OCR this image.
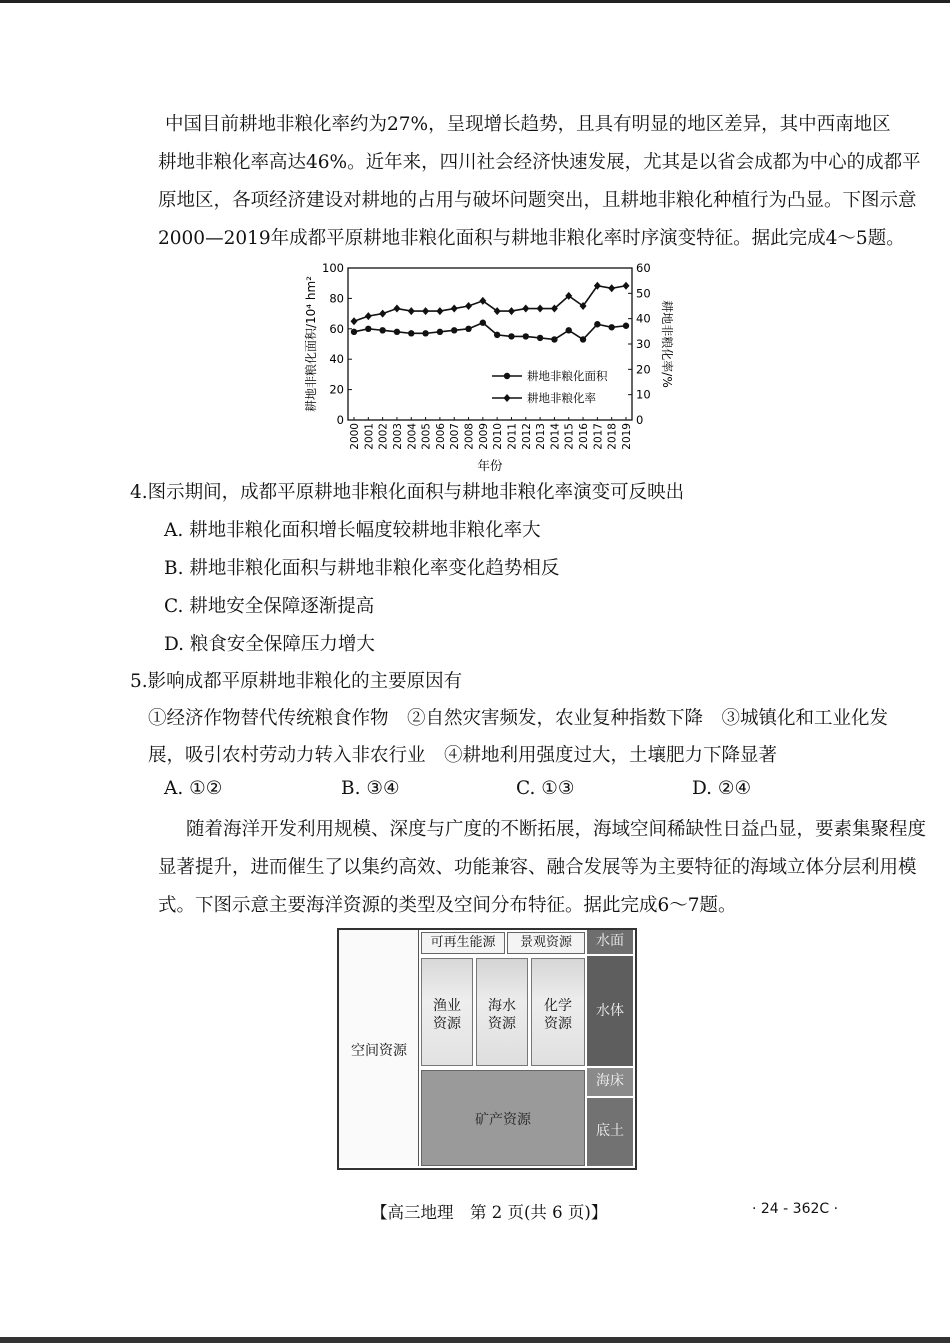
中国目前耕地非粮化率约为27%，呈现增长趋势，且具有明显的地区差异，其中西南地区
耕地非粮化率高达46%。近年来，四川社会经济快速发展，尤其是以省会成都为中心的成都平
原地区，各项经济建设对耕地的占用与破坏问题突出，且耕地非粮化种植行为凸显。下图示意
2000—2019年成都平原耕地非粮化面积与耕地非粮化率时序演变特征。据此完成4～5题。
0
20
40
60
80
100
0
10
20
30
40
50
60
2000 2001 2002 2003 2004 2005 2006 2007 2008 2009 2010 2011 2012 2013 2014 2015 2016 2017 2018 2019
耕地非粮化面积/10⁴ hm²	耕地非粮化率/%
年份
耕地非粮化面积
耕地非粮化率
4.图示期间，成都平原耕地非粮化面积与耕地非粮化率演变可反映出
A. 耕地非粮化面积增长幅度较耕地非粮化率大
B. 耕地非粮化面积与耕地非粮化率变化趋势相反
C. 耕地安全保障逐渐提高
D. 粮食安全保障压力增大
5.影响成都平原耕地非粮化的主要原因有
①经济作物替代传统粮食作物　②自然灾害频发，农业复种指数下降　③城镇化和工业化发
展，吸引农村劳动力转入非农行业　④耕地利用强度过大，土壤肥力下降显著
A. ①②	B. ③④	C. ①③	D. ②④
随着海洋开发利用规模、深度与广度的不断拓展，海域空间稀缺性日益凸显，要素集聚程度
显著提升，进而催生了以集约高效、功能兼容、融合发展等为主要特征的海域立体分层利用模
式。下图示意主要海洋资源的类型及空间分布特征。据此完成6～7题。
空间资源
可再生能源	景观资源
渔业
资源
海水
资源
化学
资源
矿产资源
水面
水体
海床
底土
【高三地理　第 2 页(共 6 页)】	· 24 - 362C ·
